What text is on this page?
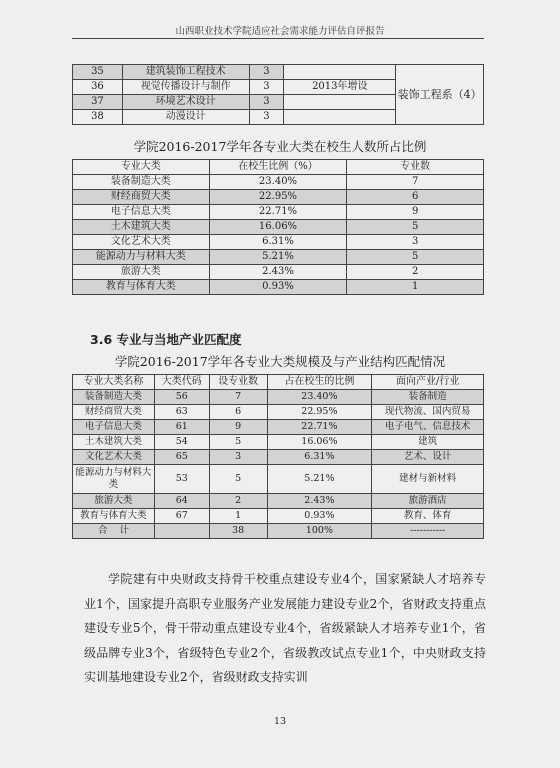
山西职业技术学院适应社会需求能力评估自评报告
35	建筑装饰工程技术	3		装饰工程系（4）
36	视觉传播设计与制作	3	2013年增设	
37	环境艺术设计	3		
38	动漫设计	3		
学院2016-2017学年各专业大类在校生人数所占比例
专业大类	在校生比例（%）	专业数
装备制造大类	23.40%	7
财经商贸大类	22.95%	6
电子信息大类	22.71%	9
土木建筑大类	16.06%	5
文化艺术大类	6.31%	3
能源动力与材料大类	5.21%	5
旅游大类	2.43%	2
教育与体育大类	0.93%	1
3.6 专业与当地产业匹配度
学院2016-2017学年各专业大类规模及与产业结构匹配情况
专业大类名称	大类代码	设专业数	占在校生的比例	面向产业/行业
装备制造大类	56	7	23.40%	装备制造
财经商贸大类	63	6	22.95%	现代物流、国内贸易
电子信息大类	61	9	22.71%	电子电气、信息技术
土木建筑大类	54	5	16.06%	建筑
文化艺术大类	65	3	6.31%	艺术、设计
能源动力与材料大类	53	5	5.21%	建材与新材料
旅游大类	64	2	2.43%	旅游酒店
教育与体育大类	67	1	0.93%	教育、体育
合    计		38	100%	-----------
学院建有中央财政支持骨干校重点建设专业4个，国家紧缺人才培养专业1个，国家提升高职专业服务产业发展能力建设专业2个，省财政支持重点建设专业5个，骨干带动重点建设专业4个，省级紧缺人才培养专业1个，省级品牌专业3个，省级特色专业2个，省级教改试点专业1个，中央财政支持实训基地建设专业2个，省级财政支持实训
13
